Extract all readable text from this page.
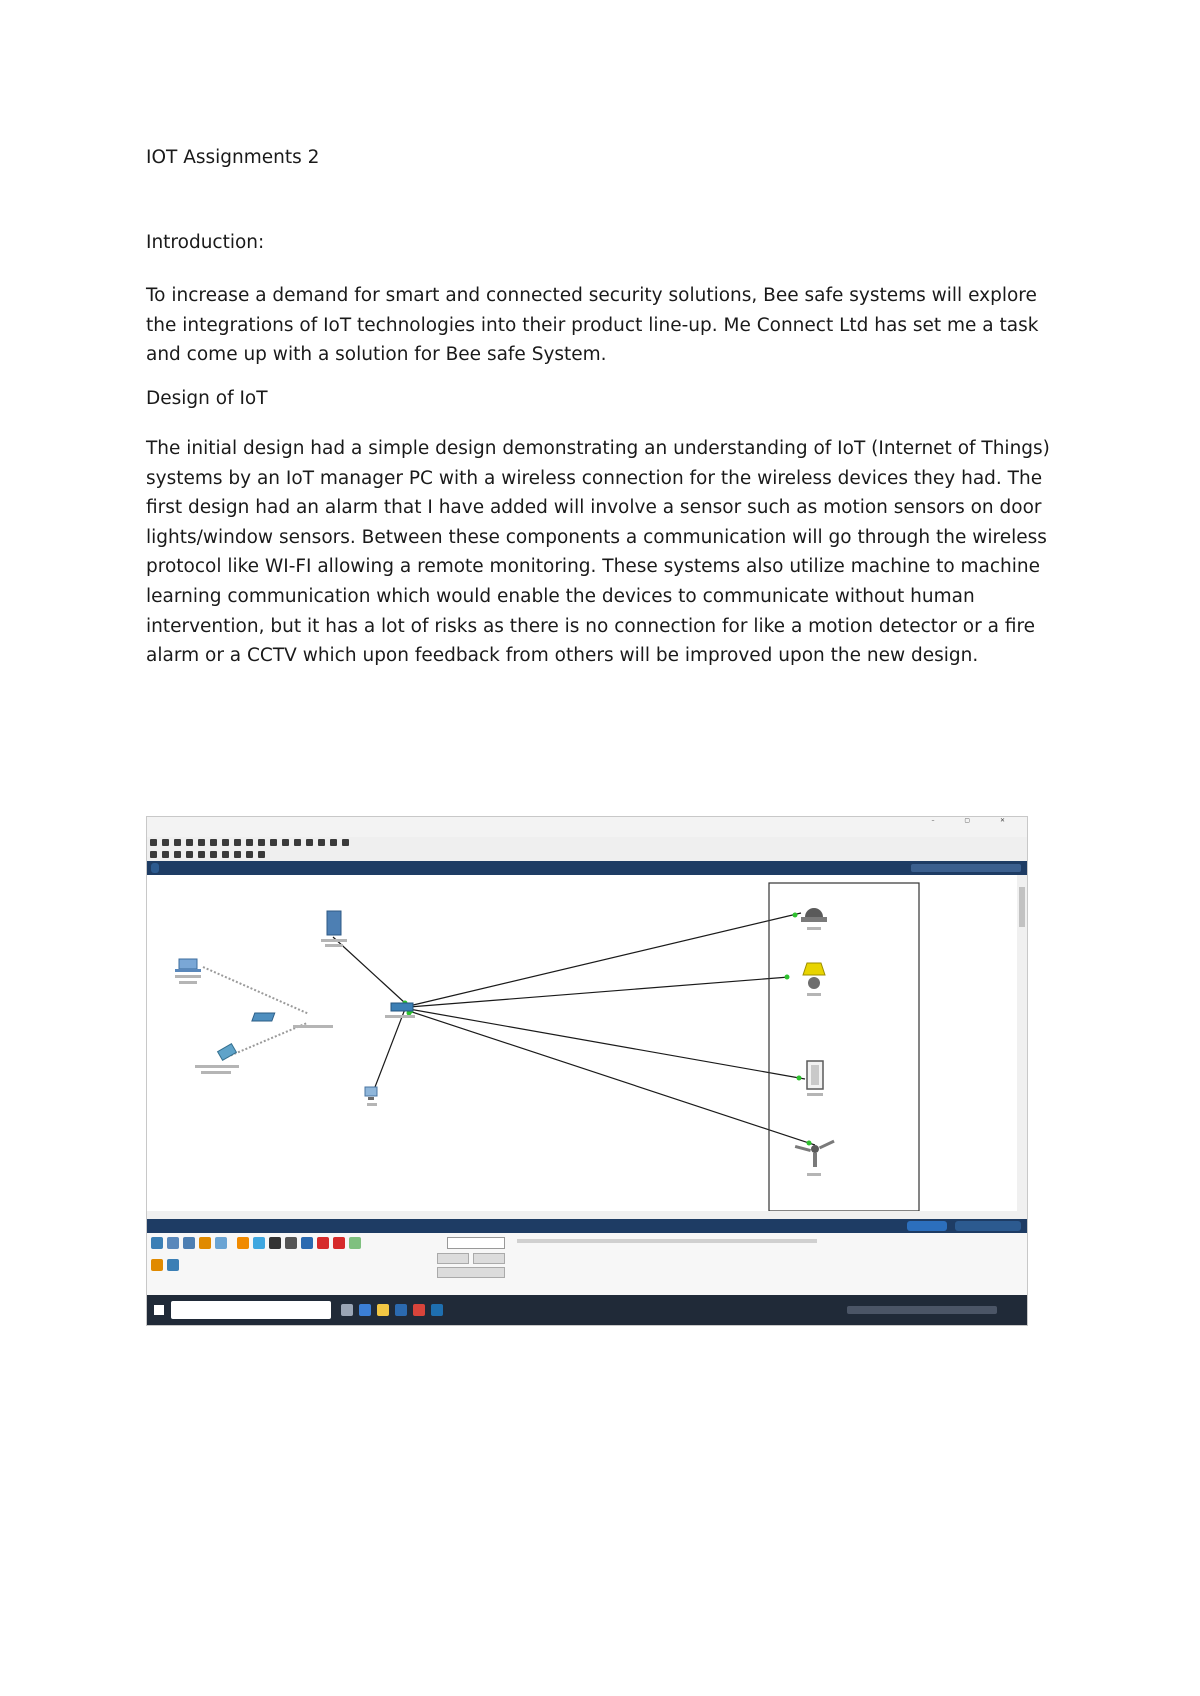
IOT Assignments 2
Introduction:

To increase a demand for smart and connected security solutions, Bee safe systems will explore the integrations of IoT technologies into their product line-up. Me Connect Ltd has set me a task and come up with a solution for Bee safe System.

Design of IoT

The initial design had a simple design demonstrating an understanding of IoT (Internet of Things) systems by an IoT manager PC with a wireless connection for the wireless devices they had. The first design had an alarm that I have added will involve a sensor such as motion sensors on door lights/window sensors. Between these components a communication will go through the wireless protocol like WI-FI allowing a remote monitoring. These systems also utilize machine to machine learning communication which would enable the devices to communicate without human intervention, but it has a lot of risks as there is no connection for like a motion detector or a fire alarm or a CCTV which upon feedback from others will be improved upon the new design.

– ▢ ✕
